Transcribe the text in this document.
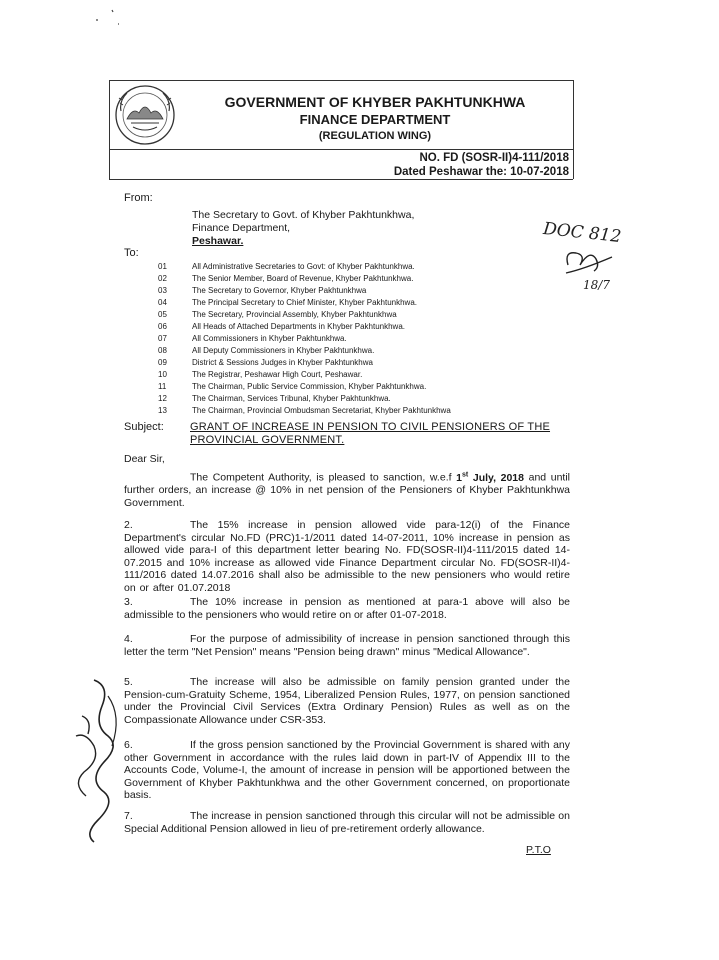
GOVERNMENT OF KHYBER PAKHTUNKHWA
FINANCE DEPARTMENT
(REGULATION WING)
NO. FD (SOSR-II)4-111/2018
Dated Peshawar the: 10-07-2018
From:
The Secretary to Govt. of Khyber Pakhtunkhwa,
Finance Department,
Peshawar.
To:
01	All Administrative Secretaries to Govt: of Khyber Pakhtunkhwa.
02	The Senior Member, Board of Revenue, Khyber Pakhtunkhwa.
03	The Secretary to Governor, Khyber Pakhtunkhwa
04	The Principal Secretary to Chief Minister, Khyber Pakhtunkhwa.
05	The Secretary, Provincial Assembly, Khyber Pakhtunkhwa
06	All Heads of Attached Departments in Khyber Pakhtunkhwa.
07	All Commissioners in Khyber Pakhtunkhwa.
08	All Deputy Commissioners in Khyber Pakhtunkhwa.
09	District & Sessions Judges in Khyber Pakhtunkhwa
10	The Registrar, Peshawar High Court, Peshawar.
11	The Chairman, Public Service Commission, Khyber Pakhtunkhwa.
12	The Chairman, Services Tribunal, Khyber Pakhtunkhwa.
13	The Chairman, Provincial Ombudsman Secretariat, Khyber Pakhtunkhwa
Subject: GRANT OF INCREASE IN PENSION TO CIVIL PENSIONERS OF THE
PROVINCIAL GOVERNMENT.
Dear Sir,
The Competent Authority, is pleased to sanction, w.e.f 1st July, 2018 and until further orders, an increase @ 10% in net pension of the Pensioners of Khyber Pakhtunkhwa Government.
2.	The 15% increase in pension allowed vide para-12(i) of the Finance Department's circular No.FD (PRC)1-1/2011 dated 14-07-2011, 10% increase in pension as allowed vide para-I of this department letter bearing No. FD(SOSR-II)4-111/2015 dated 14-07.2015 and 10% increase as allowed vide Finance Department circular No. FD(SOSR-II)4-111/2016 dated 14.07.2016 shall also be admissible to the new pensioners who would retire on or after 01.07.2018
3.	The 10% increase in pension as mentioned at para-1 above will also be admissible to the pensioners who would retire on or after 01-07-2018.
4.	For the purpose of admissibility of increase in pension sanctioned through this letter the term "Net Pension" means "Pension being drawn" minus "Medical Allowance".
5.	The increase will also be admissible on family pension granted under the Pension-cum-Gratuity Scheme, 1954, Liberalized Pension Rules, 1977, on pension sanctioned under the Provincial Civil Services (Extra Ordinary Pension) Rules as well as on the Compassionate Allowance under CSR-353.
6.	If the gross pension sanctioned by the Provincial Government is shared with any other Government in accordance with the rules laid down in part-IV of Appendix III to the Accounts Code, Volume-I, the amount of increase in pension will be apportioned between the Government of Khyber Pakhtunkhwa and the other Government concerned, on proportionate basis.
7.	The increase in pension sanctioned through this circular will not be admissible on Special Additional Pension allowed in lieu of pre-retirement orderly allowance.
P.T.O
DOC 812
18/7
